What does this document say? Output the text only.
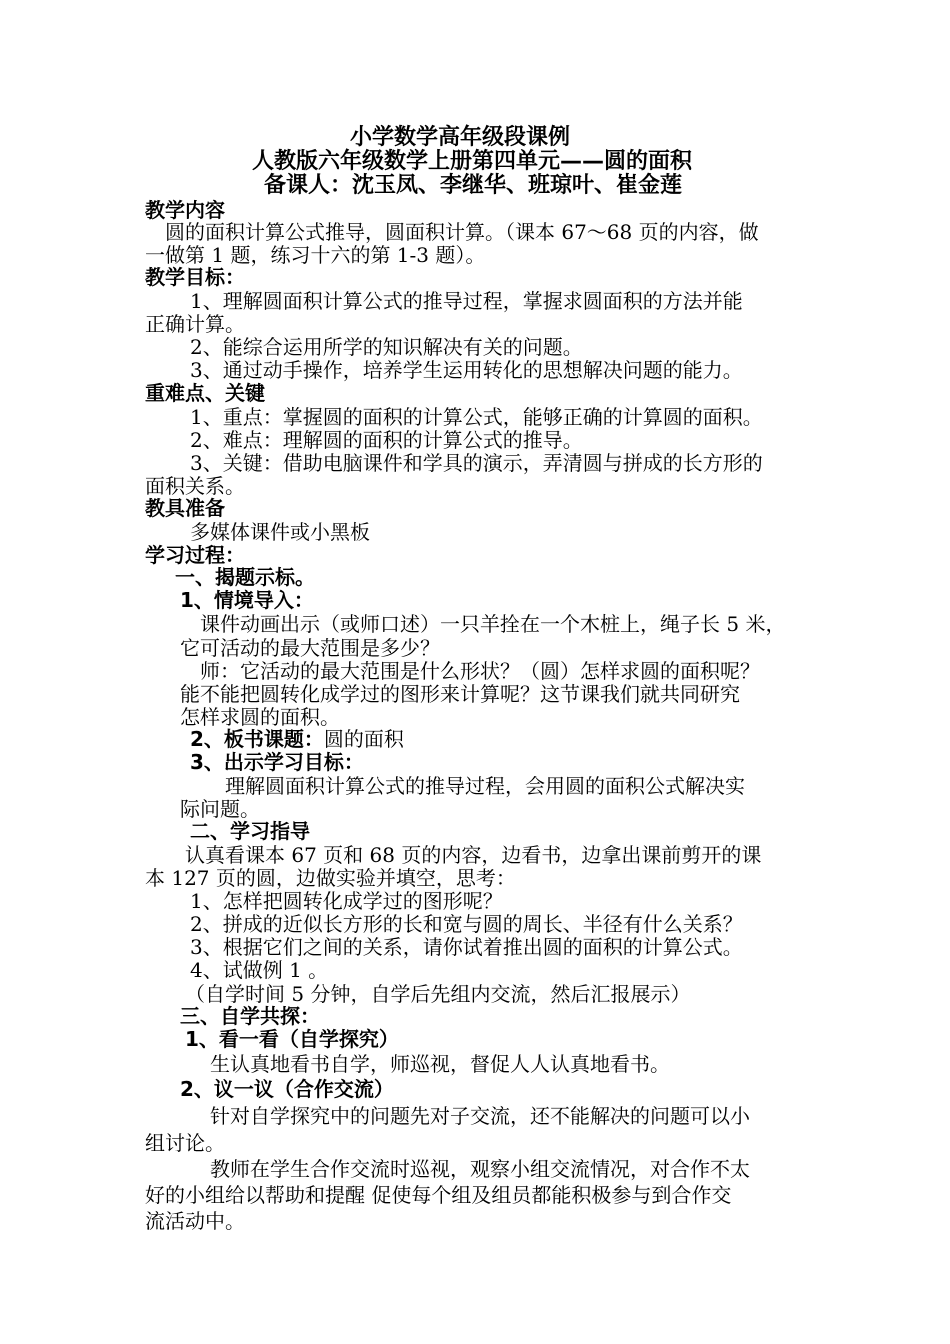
小学数学高年级段课例
人教版六年级数学上册第四单元——圆的面积
备课人：沈玉凤、李继华、班琼叶、崔金莲
教学内容
圆的面积计算公式推导，圆面积计算。（课本 67～68 页的内容，做
一做第 1 题，练习十六的第 1-3 题）。
教学目标：
1、理解圆面积计算公式的推导过程，掌握求圆面积的方法并能
正确计算。
2、能综合运用所学的知识解决有关的问题。
3、通过动手操作，培养学生运用转化的思想解决问题的能力。
重难点、关键
1、重点：掌握圆的面积的计算公式，能够正确的计算圆的面积。
2、难点：理解圆的面积的计算公式的推导。
3、关键：借助电脑课件和学具的演示，弄清圆与拼成的长方形的
面积关系。
教具准备
多媒体课件或小黑板
学习过程：
一、揭题示标。
1、情境导入：
课件动画出示（或师口述）一只羊拴在一个木桩上，绳子长 5 米，
它可活动的最大范围是多少？
师：它活动的最大范围是什么形状？（圆）怎样求圆的面积呢？
能不能把圆转化成学过的图形来计算呢？这节课我们就共同研究
怎样求圆的面积。
2、板书课题：圆的面积
3、出示学习目标：
理解圆面积计算公式的推导过程，会用圆的面积公式解决实
际问题。
二、学习指导
认真看课本 67 页和 68 页的内容，边看书，边拿出课前剪开的课
本 127 页的圆，边做实验并填空，思考：
1、怎样把圆转化成学过的图形呢？
2、拼成的近似长方形的长和宽与圆的周长、半径有什么关系？
3、根据它们之间的关系，请你试着推出圆的面积的计算公式。
4、试做例 1 。
（自学时间 5 分钟，自学后先组内交流，然后汇报展示）
三、自学共探：
1、看一看（自学探究）
生认真地看书自学，师巡视，督促人人认真地看书。
2、议一议（合作交流）
针对自学探究中的问题先对子交流，还不能解决的问题可以小
组讨论。
教师在学生合作交流时巡视，观察小组交流情况，对合作不太
好的小组给以帮助和提醒 促使每个组及组员都能积极参与到合作交
流活动中。
